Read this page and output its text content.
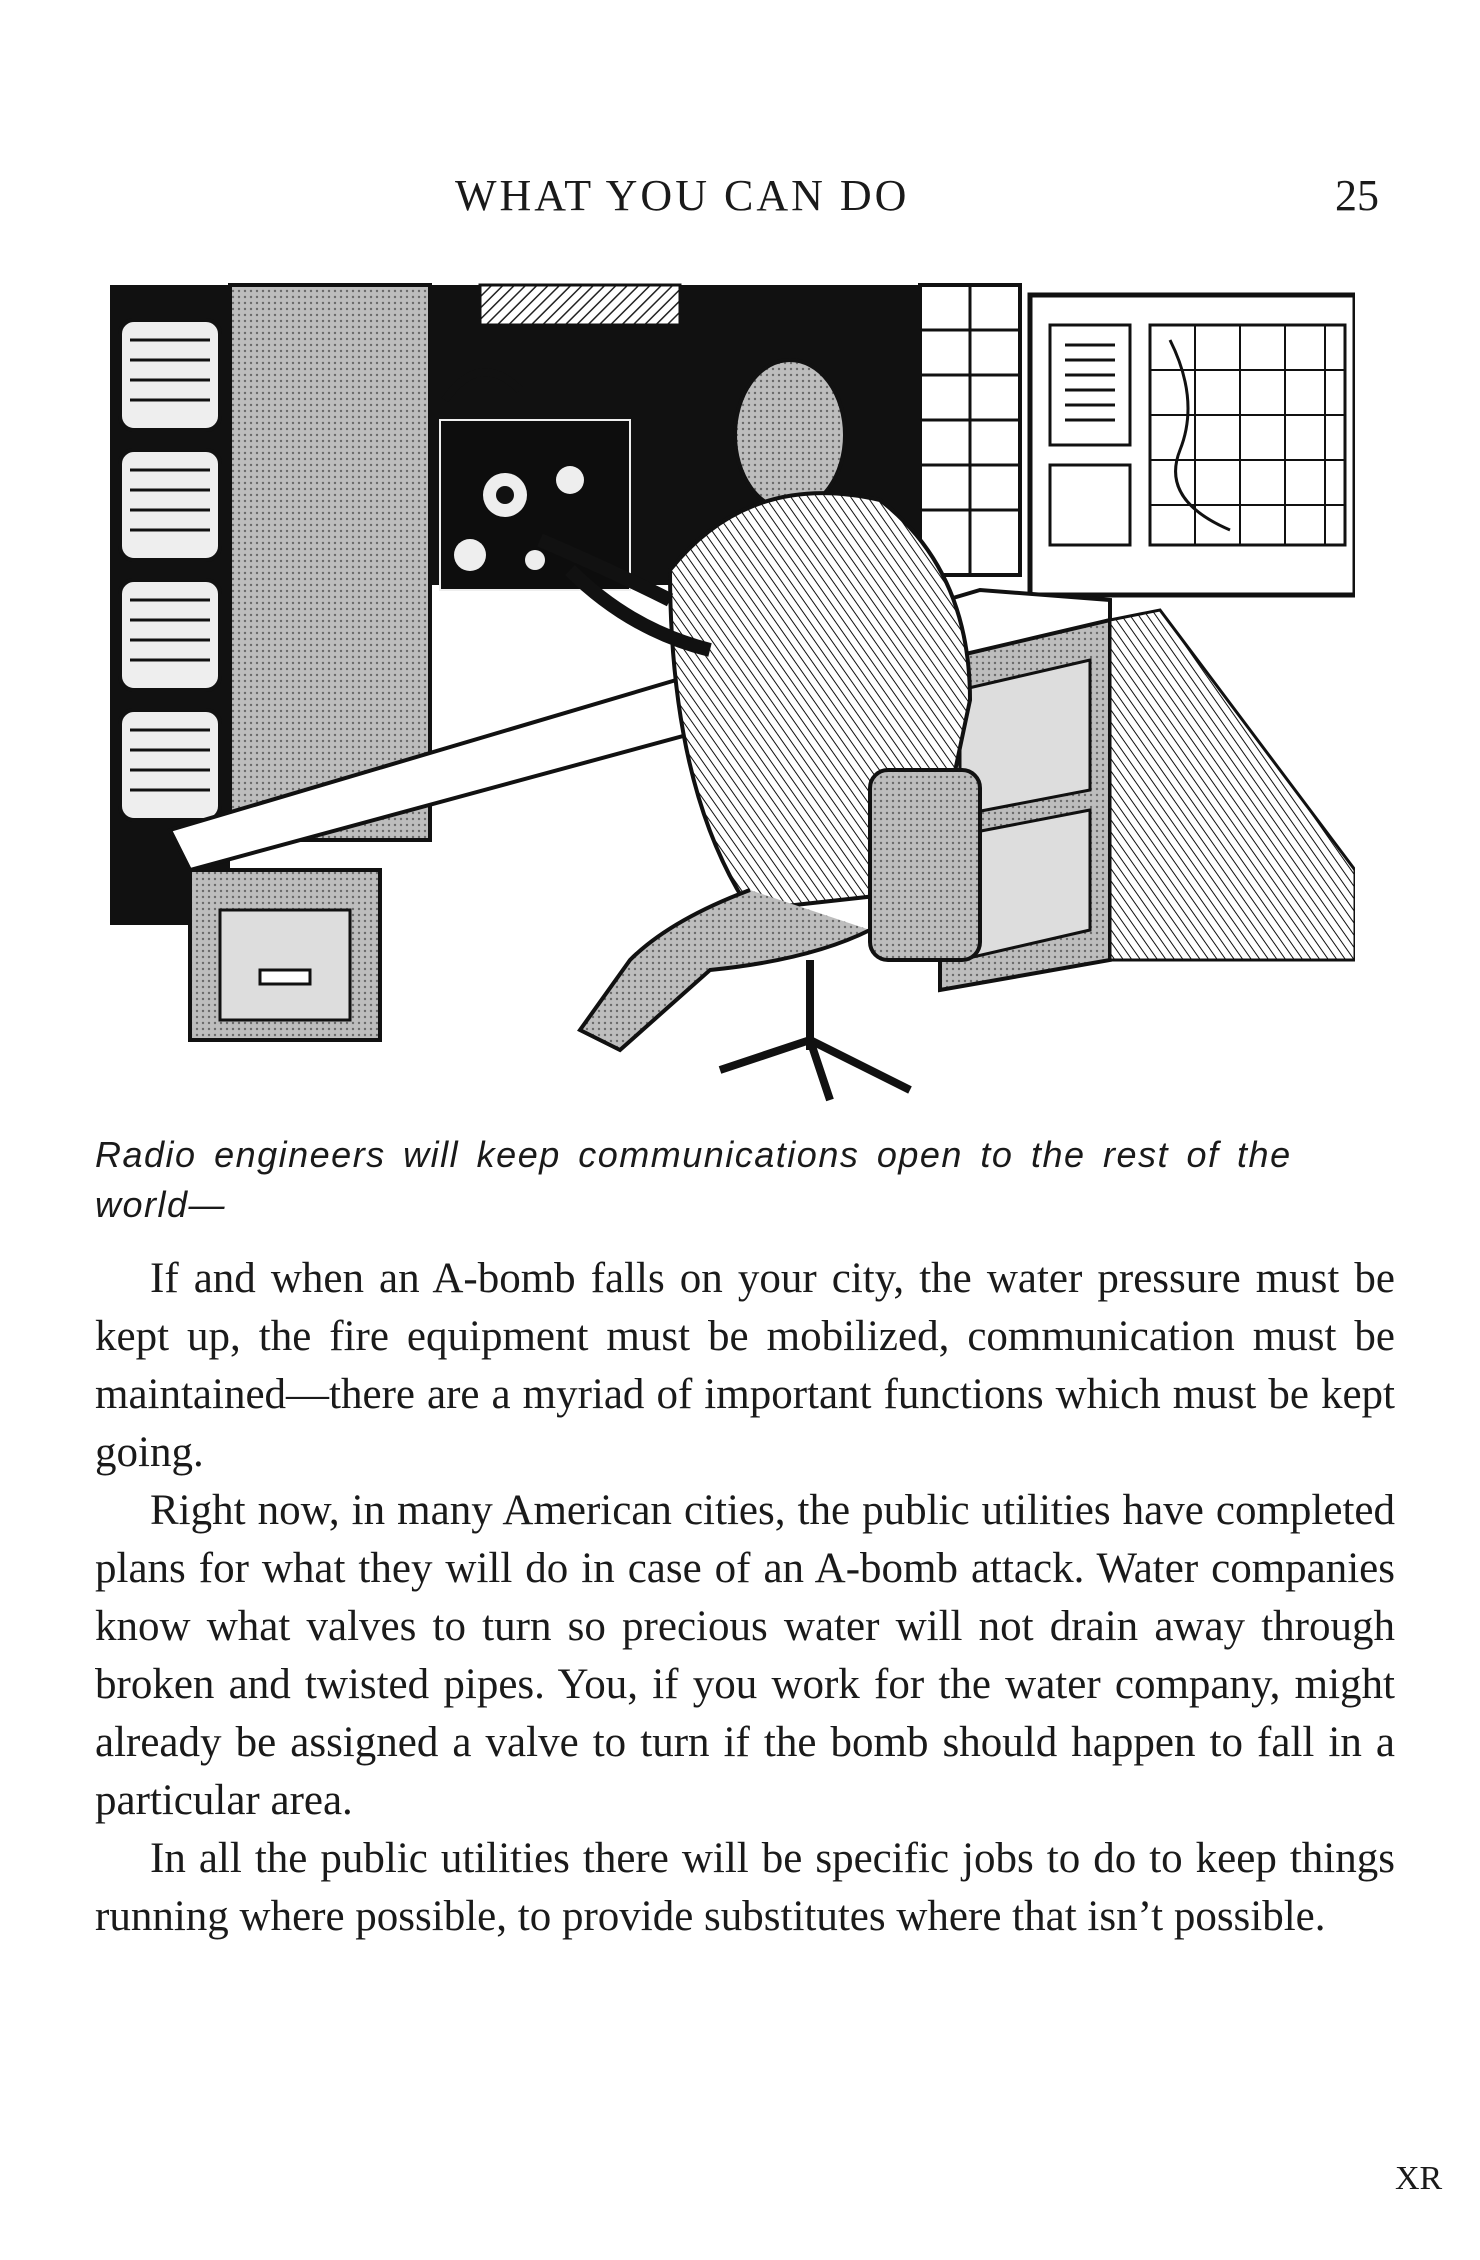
WHAT YOU CAN DO	25

Radio engineers will keep communications open to the rest of the world—

If and when an A-bomb falls on your city, the water pressure must be kept up, the fire equipment must be mobilized, communication must be maintained—there are a myriad of important functions which must be kept going.

Right now, in many American cities, the public utilities have completed plans for what they will do in case of an A-bomb attack. Water companies know what valves to turn so precious water will not drain away through broken and twisted pipes. You, if you work for the water company, might already be assigned a valve to turn if the bomb should happen to fall in a particular area.

In all the public utilities there will be specific jobs to do to keep things running where possible, to provide substitutes where that isn’t possible.

XR
